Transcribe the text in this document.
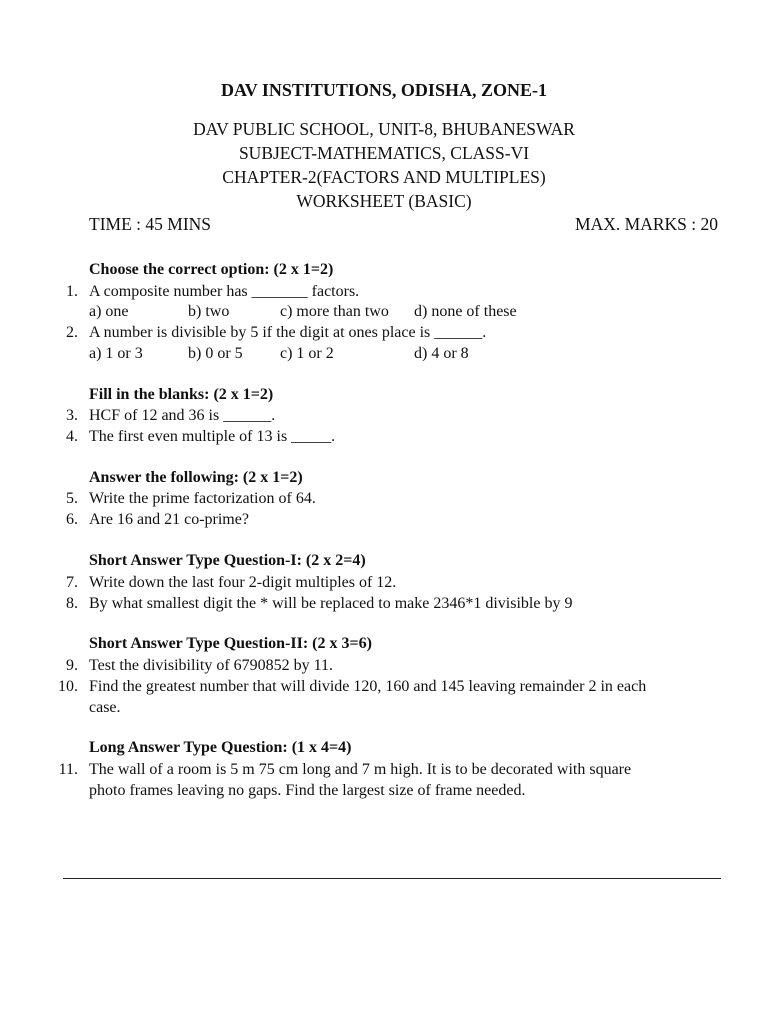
DAV INSTITUTIONS, ODISHA, ZONE-1
DAV PUBLIC SCHOOL, UNIT-8, BHUBANESWAR
SUBJECT-MATHEMATICS, CLASS-VI
CHAPTER-2(FACTORS AND MULTIPLES)
WORKSHEET (BASIC)
TIME : 45 MINS	MAX. MARKS : 20
Choose the correct option: (2 x 1=2)
1. A composite number has _______ factors.
a) one	b) two	c) more than two d) none of these
2. A number is divisible by 5 if the digit at ones place is ______.
a) 1 or 3	b) 0 or 5 c) 1 or 2	d) 4 or 8
Fill in the blanks: (2 x 1=2)
3. HCF of 12 and 36 is ______.
4. The first even multiple of 13 is _____.
Answer the following: (2 x 1=2)
5. Write the prime factorization of 64.
6. Are 16 and 21 co-prime?
Short Answer Type Question-I: (2 x 2=4)
7. Write down the last four 2-digit multiples of 12.
8. By what smallest digit the * will be replaced to make 2346*1 divisible by 9
Short Answer Type Question-II: (2 x 3=6)
9. Test the divisibility of 6790852 by 11.
10. Find the greatest number that will divide 120, 160 and 145 leaving remainder 2 in each
case.
Long Answer Type Question: (1 x 4=4)
11. The wall of a room is 5 m 75 cm long and 7 m high. It is to be decorated with square
photo frames leaving no gaps. Find the largest size of frame needed.
